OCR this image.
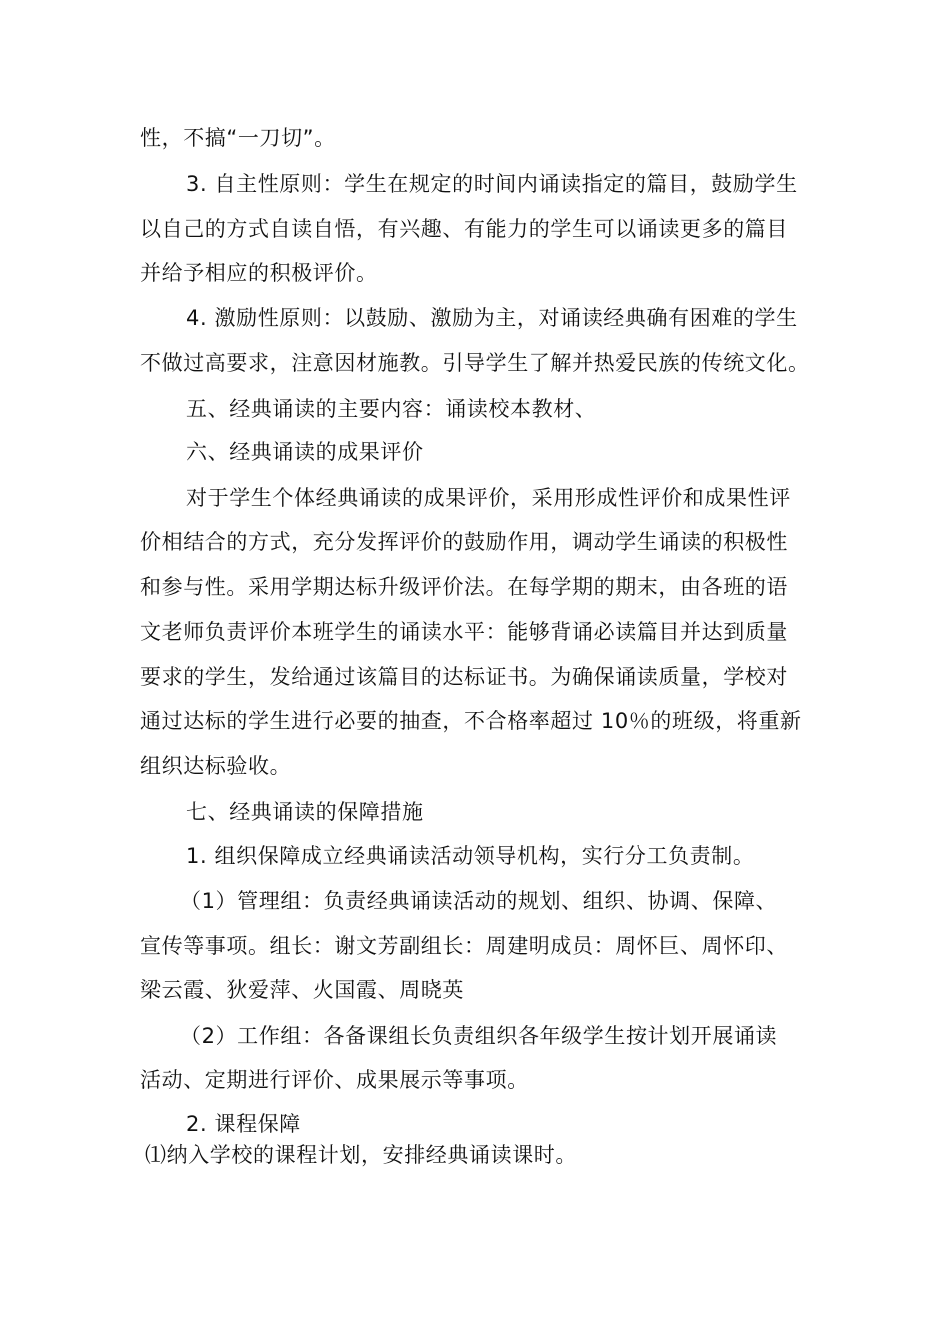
性，不搞“一刀切”。
3. 自主性原则：学生在规定的时间内诵读指定的篇目，鼓励学生
以自己的方式自读自悟，有兴趣、有能力的学生可以诵读更多的篇目
并给予相应的积极评价。
4. 激励性原则：以鼓励、激励为主，对诵读经典确有困难的学生
不做过高要求，注意因材施教。引导学生了解并热爱民族的传统文化。
五、经典诵读的主要内容：诵读校本教材、
六、经典诵读的成果评价
对于学生个体经典诵读的成果评价，采用形成性评价和成果性评
价相结合的方式，充分发挥评价的鼓励作用，调动学生诵读的积极性
和参与性。采用学期达标升级评价法。在每学期的期末，由各班的语
文老师负责评价本班学生的诵读水平：能够背诵必读篇目并达到质量
要求的学生，发给通过该篇目的达标证书。为确保诵读质量，学校对
通过达标的学生进行必要的抽查，不合格率超过 10％的班级，将重新
组织达标验收。
七、经典诵读的保障措施
1. 组织保障成立经典诵读活动领导机构，实行分工负责制。
（1）管理组：负责经典诵读活动的规划、组织、协调、保障、
宣传等事项。组长：谢文芳副组长：周建明成员：周怀巨、周怀印、
梁云霞、狄爱萍、火国霞、周晓英
（2）工作组：各备课组长负责组织各年级学生按计划开展诵读
活动、定期进行评价、成果展示等事项。
2. 课程保障
⑴纳入学校的课程计划，安排经典诵读课时。
